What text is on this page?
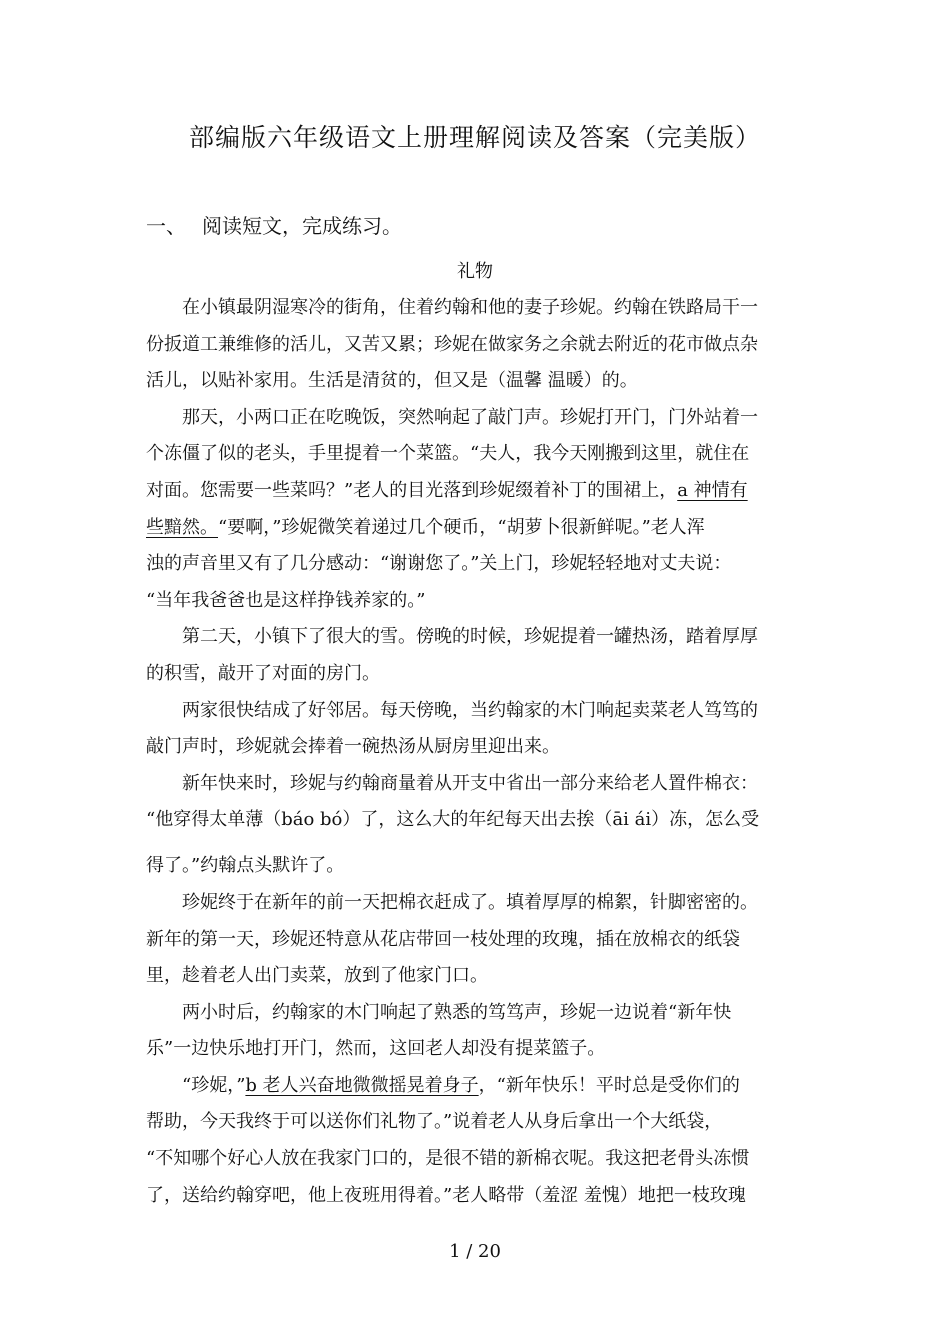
部编版六年级语文上册理解阅读及答案（完美版）
一、 阅读短文，完成练习。
礼物
　　在小镇最阴湿寒冷的街角，住着约翰和他的妻子珍妮。约翰在铁路局干一
份扳道工兼维修的活儿，又苦又累；珍妮在做家务之余就去附近的花市做点杂
活儿，以贴补家用。生活是清贫的，但又是（温馨 温暖）的。
　　那天，小两口正在吃晚饭，突然响起了敲门声。珍妮打开门，门外站着一
个冻僵了似的老头，手里提着一个菜篮。“夫人，我今天刚搬到这里，就住在
对面。您需要一些菜吗？”老人的目光落到珍妮缀着补丁的围裙上，a 神情有
些黯然。“要啊，”珍妮微笑着递过几个硬币，“胡萝卜很新鲜呢。”老人浑
浊的声音里又有了几分感动：“谢谢您了。”关上门，珍妮轻轻地对丈夫说：
“当年我爸爸也是这样挣钱养家的。”
　　第二天，小镇下了很大的雪。傍晚的时候，珍妮提着一罐热汤，踏着厚厚
的积雪，敲开了对面的房门。
　　两家很快结成了好邻居。每天傍晚，当约翰家的木门响起卖菜老人笃笃的
敲门声时，珍妮就会捧着一碗热汤从厨房里迎出来。
　　新年快来时，珍妮与约翰商量着从开支中省出一部分来给老人置件棉衣：
“他穿得太单薄（báo bó）了，这么大的年纪每天出去挨（āi ái）冻，怎么受
得了。”约翰点头默许了。
　　珍妮终于在新年的前一天把棉衣赶成了。填着厚厚的棉絮，针脚密密的。
新年的第一天，珍妮还特意从花店带回一枝处理的玫瑰，插在放棉衣的纸袋
里，趁着老人出门卖菜，放到了他家门口。
　　两小时后，约翰家的木门响起了熟悉的笃笃声，珍妮一边说着“新年快
乐”一边快乐地打开门，然而，这回老人却没有提菜篮子。
　　“珍妮，”b 老人兴奋地微微摇晃着身子，“新年快乐！平时总是受你们的
帮助，今天我终于可以送你们礼物了。”说着老人从身后拿出一个大纸袋，
“不知哪个好心人放在我家门口的，是很不错的新棉衣呢。我这把老骨头冻惯
了，送给约翰穿吧，他上夜班用得着。”老人略带（羞涩 羞愧）地把一枝玫瑰
1 / 20
